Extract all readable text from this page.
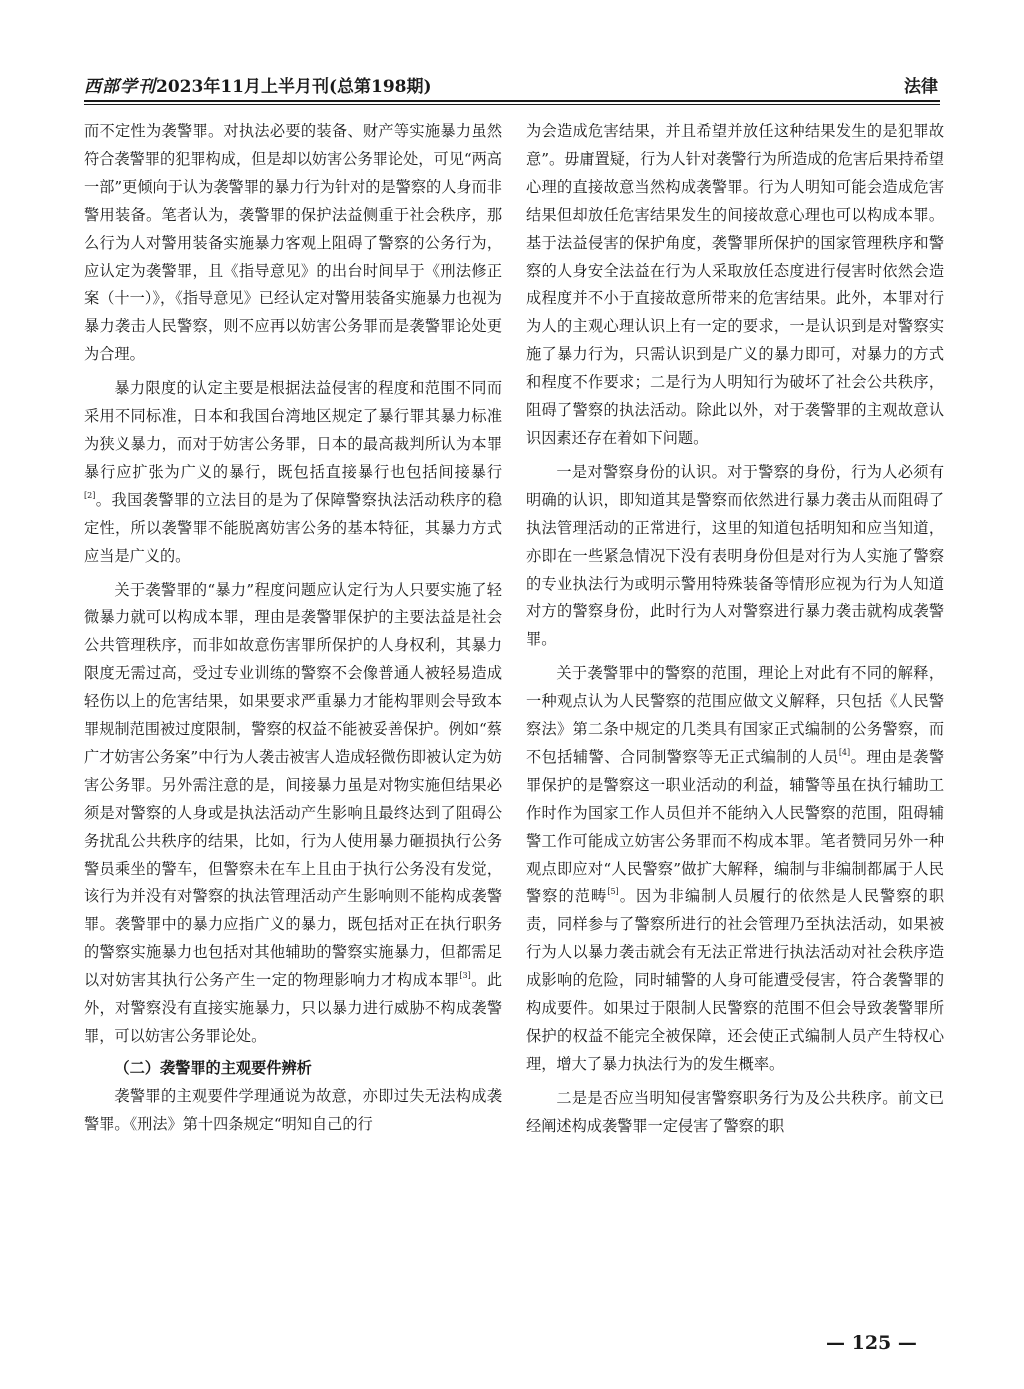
西部学刊2023年11月上半月刊(总第198期)	法律

而不定性为袭警罪。对执法必要的装备、财产等实施暴力虽然符合袭警罪的犯罪构成，但是却以妨害公务罪论处，可见“两高一部”更倾向于认为袭警罪的暴力行为针对的是警察的人身而非警用装备。笔者认为，袭警罪的保护法益侧重于社会秩序，那么行为人对警用装备实施暴力客观上阻碍了警察的公务行为，应认定为袭警罪，且《指导意见》的出台时间早于《刑法修正案（十一）》，《指导意见》已经认定对警用装备实施暴力也视为暴力袭击人民警察，则不应再以妨害公务罪而是袭警罪论处更为合理。

暴力限度的认定主要是根据法益侵害的程度和范围不同而采用不同标准，日本和我国台湾地区规定了暴行罪其暴力标准为狭义暴力，而对于妨害公务罪，日本的最高裁判所认为本罪暴行应扩张为广义的暴行，既包括直接暴行也包括间接暴行[2]。我国袭警罪的立法目的是为了保障警察执法活动秩序的稳定性，所以袭警罪不能脱离妨害公务的基本特征，其暴力方式应当是广义的。

关于袭警罪的“暴力”程度问题应认定行为人只要实施了轻微暴力就可以构成本罪，理由是袭警罪保护的主要法益是社会公共管理秩序，而非如故意伤害罪所保护的人身权利，其暴力限度无需过高，受过专业训练的警察不会像普通人被轻易造成轻伤以上的危害结果，如果要求严重暴力才能构罪则会导致本罪规制范围被过度限制，警察的权益不能被妥善保护。例如“蔡广才妨害公务案”中行为人袭击被害人造成轻微伤即被认定为妨害公务罪。另外需注意的是，间接暴力虽是对物实施但结果必须是对警察的人身或是执法活动产生影响且最终达到了阻碍公务扰乱公共秩序的结果，比如，行为人使用暴力砸损执行公务警员乘坐的警车，但警察未在车上且由于执行公务没有发觉，该行为并没有对警察的执法管理活动产生影响则不能构成袭警罪。袭警罪中的暴力应指广义的暴力，既包括对正在执行职务的警察实施暴力也包括对其他辅助的警察实施暴力，但都需足以对妨害其执行公务产生一定的物理影响力才构成本罪[3]。此外，对警察没有直接实施暴力，只以暴力进行威胁不构成袭警罪，可以妨害公务罪论处。

（二）袭警罪的主观要件辨析

袭警罪的主观要件学理通说为故意，亦即过失无法构成袭警罪。《刑法》第十四条规定“明知自己的行

为会造成危害结果，并且希望并放任这种结果发生的是犯罪故意”。毋庸置疑，行为人针对袭警行为所造成的危害后果持希望心理的直接故意当然构成袭警罪。行为人明知可能会造成危害结果但却放任危害结果发生的间接故意心理也可以构成本罪。基于法益侵害的保护角度，袭警罪所保护的国家管理秩序和警察的人身安全法益在行为人采取放任态度进行侵害时依然会造成程度并不小于直接故意所带来的危害结果。此外，本罪对行为人的主观心理认识上有一定的要求，一是认识到是对警察实施了暴力行为，只需认识到是广义的暴力即可，对暴力的方式和程度不作要求；二是行为人明知行为破坏了社会公共秩序，阻碍了警察的执法活动。除此以外，对于袭警罪的主观故意认识因素还存在着如下问题。

一是对警察身份的认识。对于警察的身份，行为人必须有明确的认识，即知道其是警察而依然进行暴力袭击从而阻碍了执法管理活动的正常进行，这里的知道包括明知和应当知道，亦即在一些紧急情况下没有表明身份但是对行为人实施了警察的专业执法行为或明示警用特殊装备等情形应视为行为人知道对方的警察身份，此时行为人对警察进行暴力袭击就构成袭警罪。

关于袭警罪中的警察的范围，理论上对此有不同的解释，一种观点认为人民警察的范围应做文义解释，只包括《人民警察法》第二条中规定的几类具有国家正式编制的公务警察，而不包括辅警、合同制警察等无正式编制的人员[4]。理由是袭警罪保护的是警察这一职业活动的利益，辅警等虽在执行辅助工作时作为国家工作人员但并不能纳入人民警察的范围，阻碍辅警工作可能成立妨害公务罪而不构成本罪。笔者赞同另外一种观点即应对“人民警察”做扩大解释，编制与非编制都属于人民警察的范畴[5]。因为非编制人员履行的依然是人民警察的职责，同样参与了警察所进行的社会管理乃至执法活动，如果被行为人以暴力袭击就会有无法正常进行执法活动对社会秩序造成影响的危险，同时辅警的人身可能遭受侵害，符合袭警罪的构成要件。如果过于限制人民警察的范围不但会导致袭警罪所保护的权益不能完全被保障，还会使正式编制人员产生特权心理，增大了暴力执法行为的发生概率。

二是是否应当明知侵害警察职务行为及公共秩序。前文已经阐述构成袭警罪一定侵害了警察的职

— 125 —
